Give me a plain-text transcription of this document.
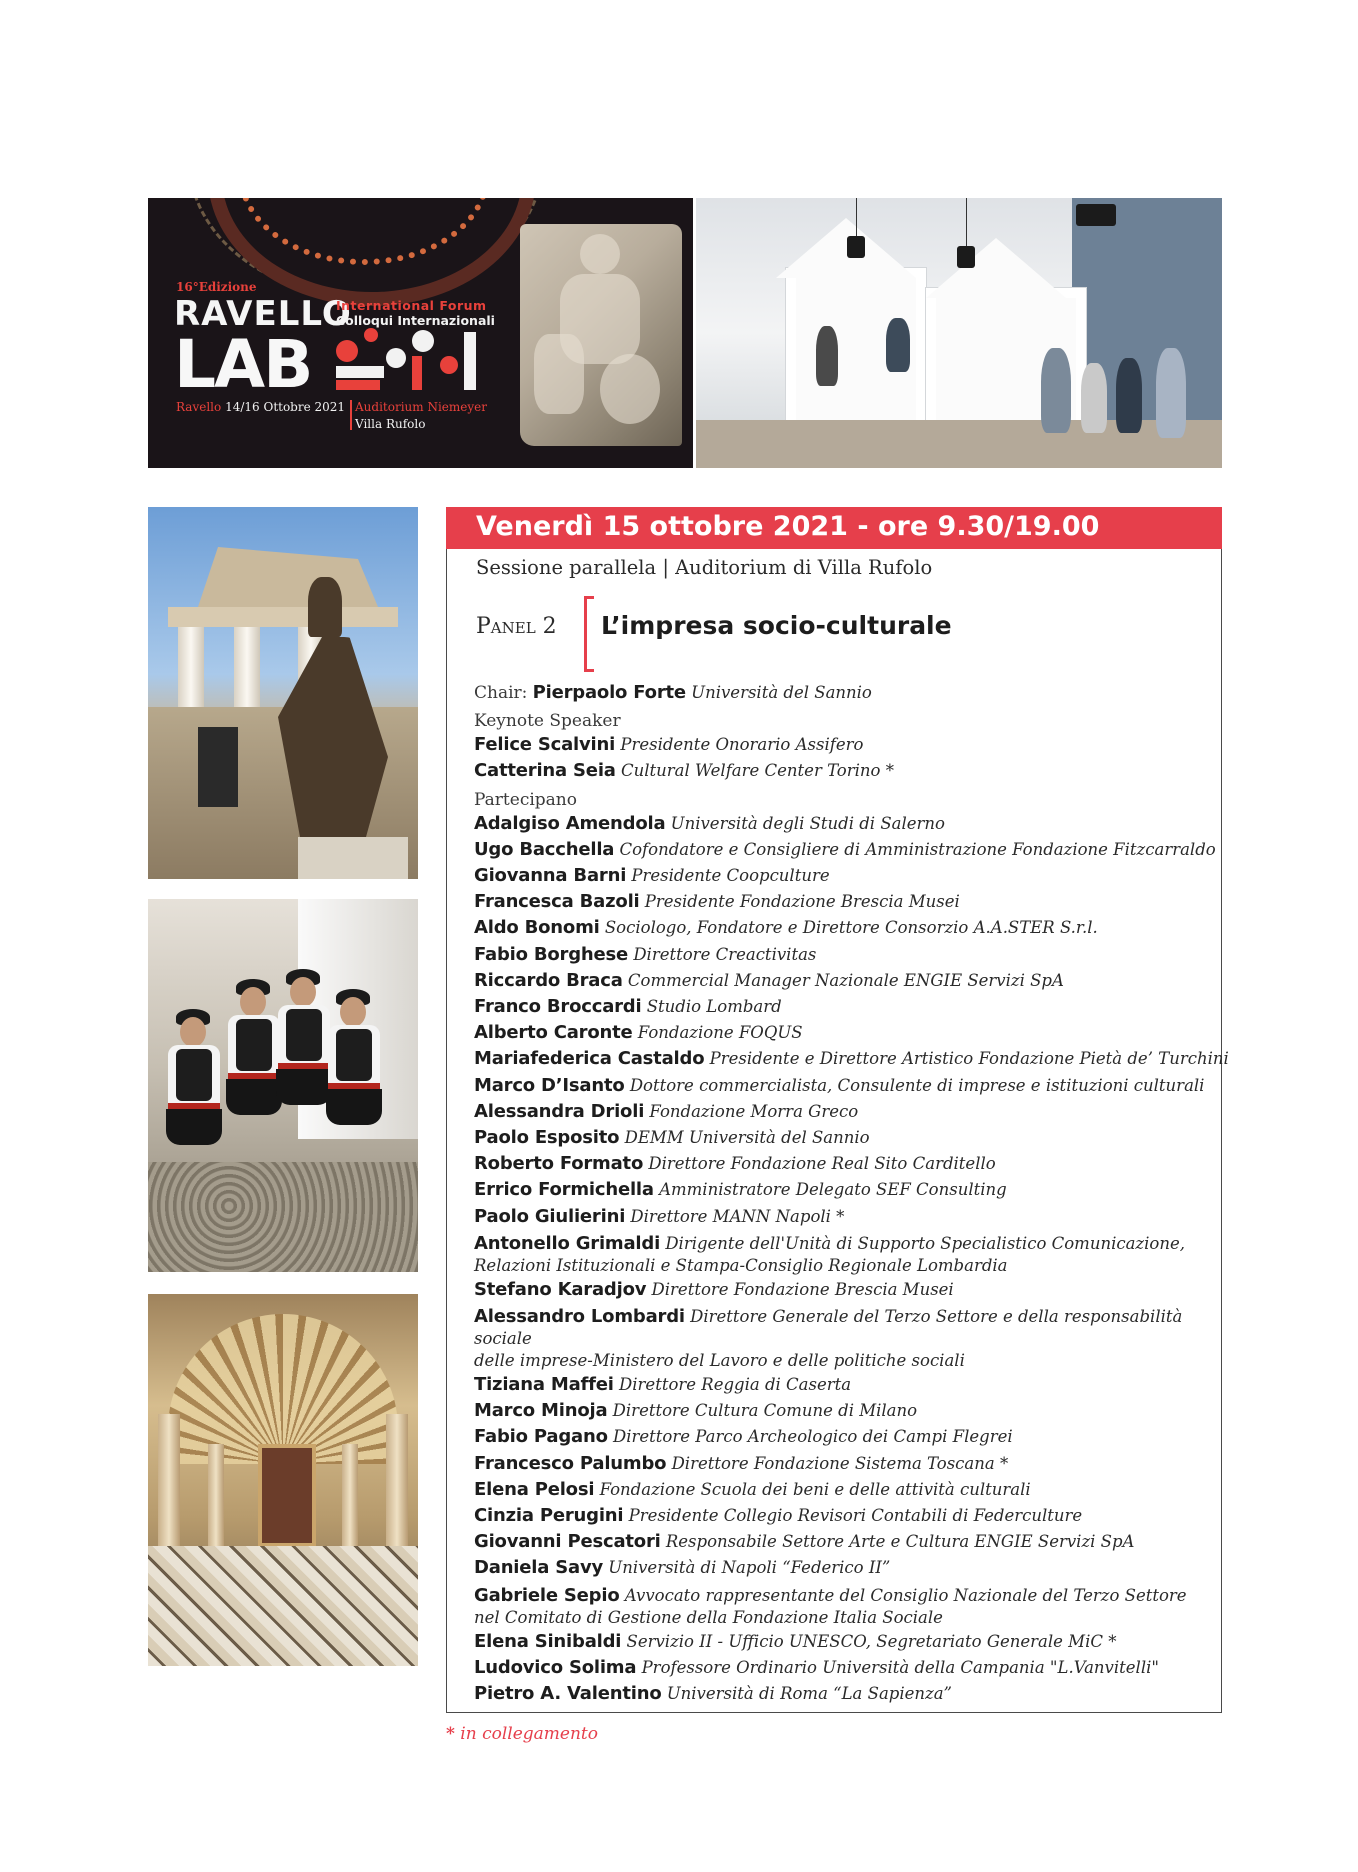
16°Edizione
RAVELLO
International Forum
Colloqui Internazionali
LAB
Ravello 14/16 Ottobre 2021 Auditorium Niemeyer
Villa Rufolo
Venerdì 15 ottobre 2021 - ore 9.30/19.00
Sessione parallela | Auditorium di Villa Rufolo
Panel 2 L’impresa socio-culturale
Chair: Pierpaolo Forte Università del Sannio
Keynote Speaker
Felice Scalvini Presidente Onorario Assifero
Catterina Seia Cultural Welfare Center Torino *
Partecipano
Adalgiso Amendola Università degli Studi di Salerno
Ugo Bacchella Cofondatore e Consigliere di Amministrazione Fondazione Fitzcarraldo
Giovanna Barni Presidente Coopculture
Francesca Bazoli Presidente Fondazione Brescia Musei
Aldo Bonomi Sociologo, Fondatore e Direttore Consorzio A.A.STER S.r.l.
Fabio Borghese Direttore Creactivitas
Riccardo Braca Commercial Manager Nazionale ENGIE Servizi SpA
Franco Broccardi Studio Lombard
Alberto Caronte Fondazione FOQUS
Mariafederica Castaldo Presidente e Direttore Artistico Fondazione Pietà de’ Turchini
Marco D’Isanto Dottore commercialista, Consulente di imprese e istituzioni culturali
Alessandra Drioli Fondazione Morra Greco
Paolo Esposito DEMM Università del Sannio
Roberto Formato Direttore Fondazione Real Sito Carditello
Errico Formichella Amministratore Delegato SEF Consulting
Paolo Giulierini Direttore MANN Napoli *
Antonello Grimaldi Dirigente dell'Unità di Supporto Specialistico Comunicazione,
Relazioni Istituzionali e Stampa-Consiglio Regionale Lombardia
Stefano Karadjov Direttore Fondazione Brescia Musei
Alessandro Lombardi Direttore Generale del Terzo Settore e della responsabilità sociale
delle imprese-Ministero del Lavoro e delle politiche sociali
Tiziana Maffei Direttore Reggia di Caserta
Marco Minoja Direttore Cultura Comune di Milano
Fabio Pagano Direttore Parco Archeologico dei Campi Flegrei
Francesco Palumbo Direttore Fondazione Sistema Toscana *
Elena Pelosi Fondazione Scuola dei beni e delle attività culturali
Cinzia Perugini Presidente Collegio Revisori Contabili di Federculture
Giovanni Pescatori Responsabile Settore Arte e Cultura ENGIE Servizi SpA
Daniela Savy Università di Napoli “Federico II”
Gabriele Sepio Avvocato rappresentante del Consiglio Nazionale del Terzo Settore
nel Comitato di Gestione della Fondazione Italia Sociale
Elena Sinibaldi Servizio II - Ufficio UNESCO, Segretariato Generale MiC *
Ludovico Solima Professore Ordinario Università della Campania "L.Vanvitelli"
Pietro A. Valentino Università di Roma “La Sapienza”
* in collegamento
